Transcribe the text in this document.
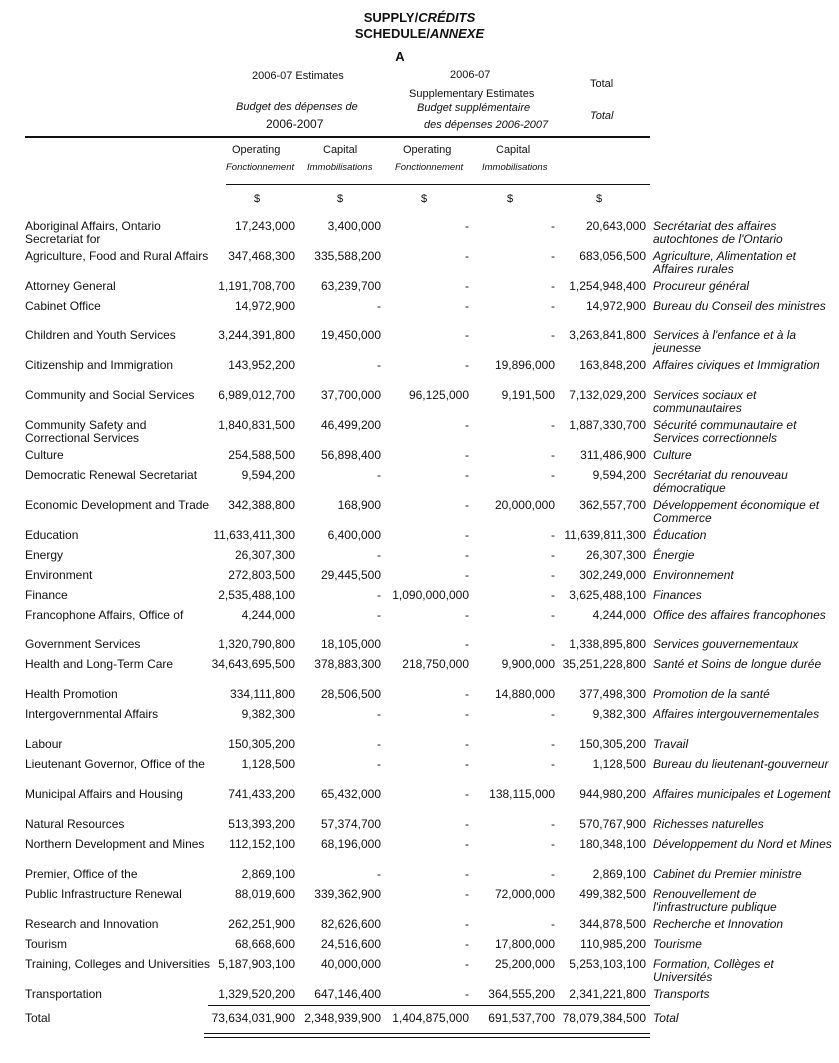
SUPPLY/CRÉDITS
SCHEDULE/ANNEXE
A
2006-07 Estimates
Budget des dépenses de
2006-2007
2006-07
Supplementary Estimates
Budget supplémentaire
des dépenses 2006-2007
Total
Total
Operating
Fonctionnement
Capital
Immobilisations
Operating
Fonctionnement
Capital
Immobilisations
$	$	$	$	$
Aboriginal Affairs, Ontario Secretariat for
17,243,000	3,400,000	-	-	20,643,000 Secrétariat des affaires autochtones de l'Ontario
Agriculture, Food and Rural Affairs 347,468,300 335,588,200	-	- 683,056,500 Agriculture, Alimentation et Affaires rurales
Attorney General	1,191,708,700 63,239,700	-	- 1,254,948,400 Procureur général
Cabinet Office	14,972,900	-	-	-	14,972,900 Bureau du Conseil des ministres
Children and Youth Services	3,244,391,800 19,450,000	-	- 3,263,841,800 Services à l'enfance et à la jeunesse
Citizenship and Immigration	143,952,200	-	- 19,896,000 163,848,200 Affaires civiques et Immigration
Community and Social Services	6,989,012,700 37,700,000 96,125,000	9,191,500 7,132,029,200 Services sociaux et communautaires
Community Safety and Correctional Services
1,840,831,500 46,499,200	-	- 1,887,330,700 Sécurité communautaire et Services correctionnels
Culture	254,588,500 56,898,400	-	- 311,486,900 Culture
Democratic Renewal Secretariat	9,594,200	-	-	-	9,594,200 Secrétariat du renouveau démocratique
Economic Development and Trade 342,388,800	168,900	- 20,000,000 362,557,700 Développement économique et Commerce
Education	11,633,411,300	6,400,000	-	- 11,639,811,300 Éducation
Energy	26,307,300	-	-	-	26,307,300 Énergie
Environment	272,803,500 29,445,500	-	- 302,249,000 Environnement
Finance	2,535,488,100	- 1,090,000,000	- 3,625,488,100 Finances
Francophone Affairs, Office of	4,244,000	-	-	-	4,244,000 Office des affaires francophones
Government Services	1,320,790,800 18,105,000	-	- 1,338,895,800 Services gouvernementaux
Health and Long-Term Care	34,643,695,500 378,883,300 218,750,000	9,900,000 35,251,228,800 Santé et Soins de longue durée
Health Promotion	334,111,800 28,506,500	- 14,880,000 377,498,300 Promotion de la santé
Intergovernmental Affairs	9,382,300	-	-	-	9,382,300 Affaires intergouvernementales
Labour	150,305,200	-	-	- 150,305,200 Travail
Lieutenant Governor, Office of the	1,128,500	-	-	-	1,128,500 Bureau du lieutenant-gouverneur
Municipal Affairs and Housing	741,433,200 65,432,000	- 138,115,000 944,980,200 Affaires municipales et Logement
Natural Resources	513,393,200 57,374,700	-	- 570,767,900 Richesses naturelles
Northern Development and Mines	112,152,100 68,196,000	-	- 180,348,100 Développement du Nord et Mines
Premier, Office of the	2,869,100	-	-	-	2,869,100 Cabinet du Premier ministre
Public Infrastructure Renewal	88,019,600 339,362,900	- 72,000,000 499,382,500 Renouvellement de l'infrastructure publique
Research and Innovation	262,251,900 82,626,600	-	- 344,878,500 Recherche et Innovation
Tourism	68,668,600 24,516,600	- 17,800,000 110,985,200 Tourisme
Training, Colleges and Universities 5,187,903,100 40,000,000	- 25,200,000 5,253,103,100 Formation, Collèges et Universités
Transportation	1,329,520,200 647,146,400	- 364,555,200 2,341,221,800 Transports
Total	73,634,031,900 2,348,939,900 1,404,875,000 691,537,700 78,079,384,500 Total
